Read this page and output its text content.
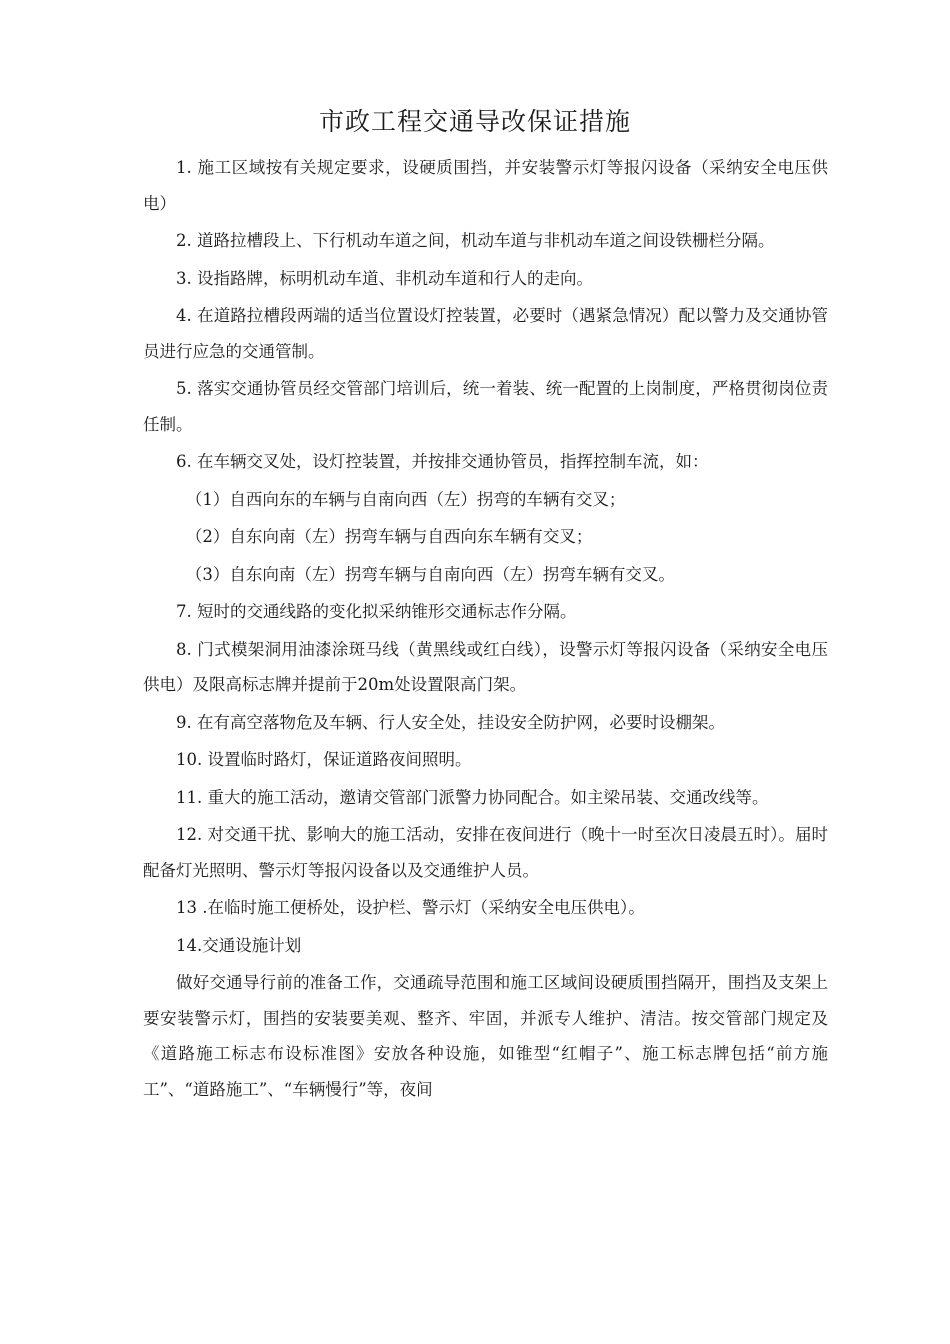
市政工程交通导改保证措施

1. 施工区域按有关规定要求，设硬质围挡，并安装警示灯等报闪设备（采纳安全电压供电）

2. 道路拉槽段上、下行机动车道之间，机动车道与非机动车道之间设铁栅栏分隔。

3. 设指路牌，标明机动车道、非机动车道和行人的走向。

4. 在道路拉槽段两端的适当位置设灯控装置，必要时（遇紧急情况）配以警力及交通协管员进行应急的交通管制。

5. 落实交通协管员经交管部门培训后，统一着装、统一配置的上岗制度，严格贯彻岗位责任制。

6. 在车辆交叉处，设灯控装置，并按排交通协管员，指挥控制车流，如：

（1）自西向东的车辆与自南向西（左）拐弯的车辆有交叉；

（2）自东向南（左）拐弯车辆与自西向东车辆有交叉；

（3）自东向南（左）拐弯车辆与自南向西（左）拐弯车辆有交叉。

7. 短时的交通线路的变化拟采纳锥形交通标志作分隔。

8. 门式模架洞用油漆涂斑马线（黄黑线或红白线），设警示灯等报闪设备（采纳安全电压供电）及限高标志牌并提前于20m处设置限高门架。

9. 在有高空落物危及车辆、行人安全处，挂设安全防护网，必要时设棚架。

10. 设置临时路灯，保证道路夜间照明。

11. 重大的施工活动，邀请交管部门派警力协同配合。如主梁吊装、交通改线等。

12. 对交通干扰、影响大的施工活动，安排在夜间进行（晚十一时至次日凌晨五时）。届时配备灯光照明、警示灯等报闪设备以及交通维护人员。

13 .在临时施工便桥处，设护栏、警示灯（采纳安全电压供电）。

14.交通设施计划

做好交通导行前的准备工作，交通疏导范围和施工区域间设硬质围挡隔开，围挡及支架上要安装警示灯，围挡的安装要美观、整齐、牢固，并派专人维护、清洁。按交管部门规定及《道路施工标志布设标准图》安放各种设施，如锥型“红帽子”、施工标志牌包括“前方施工”、“道路施工”、“车辆慢行”等，夜间
